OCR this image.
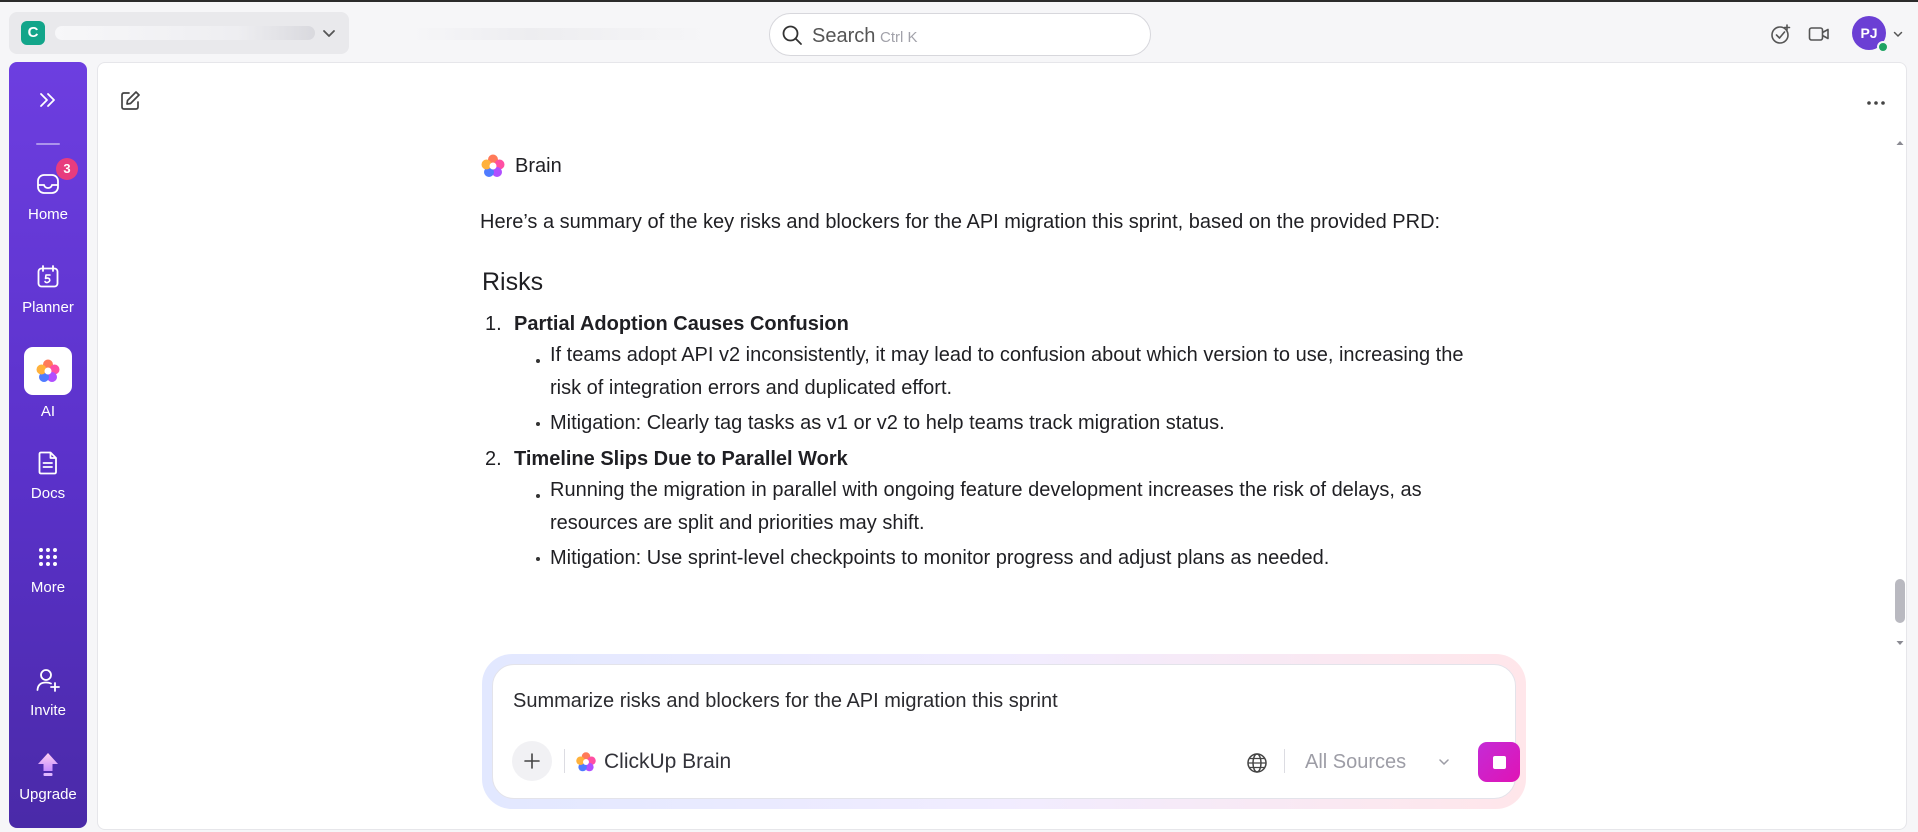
C	Search Ctrl K	PJ
3
Home
Planner
AI
Docs
More
Invite
Upgrade
Brain

Here’s a summary of the key risks and blockers for the API migration this sprint, based on the provided PRD:

Risks
1. Partial Adoption Causes Confusion

If teams adopt API v2 inconsistently, it may lead to confusion about which version to use, increasing the risk of integration errors and duplicated effort.

Mitigation: Clearly tag tasks as v1 or v2 to help teams track migration status.

2. Timeline Slips Due to Parallel Work

Running the migration in parallel with ongoing feature development increases the risk of delays, as resources are split and priorities may shift.

Mitigation: Use sprint-level checkpoints to monitor progress and adjust plans as needed.

Summarize risks and blockers for the API migration this sprint
ClickUp Brain	All Sources
